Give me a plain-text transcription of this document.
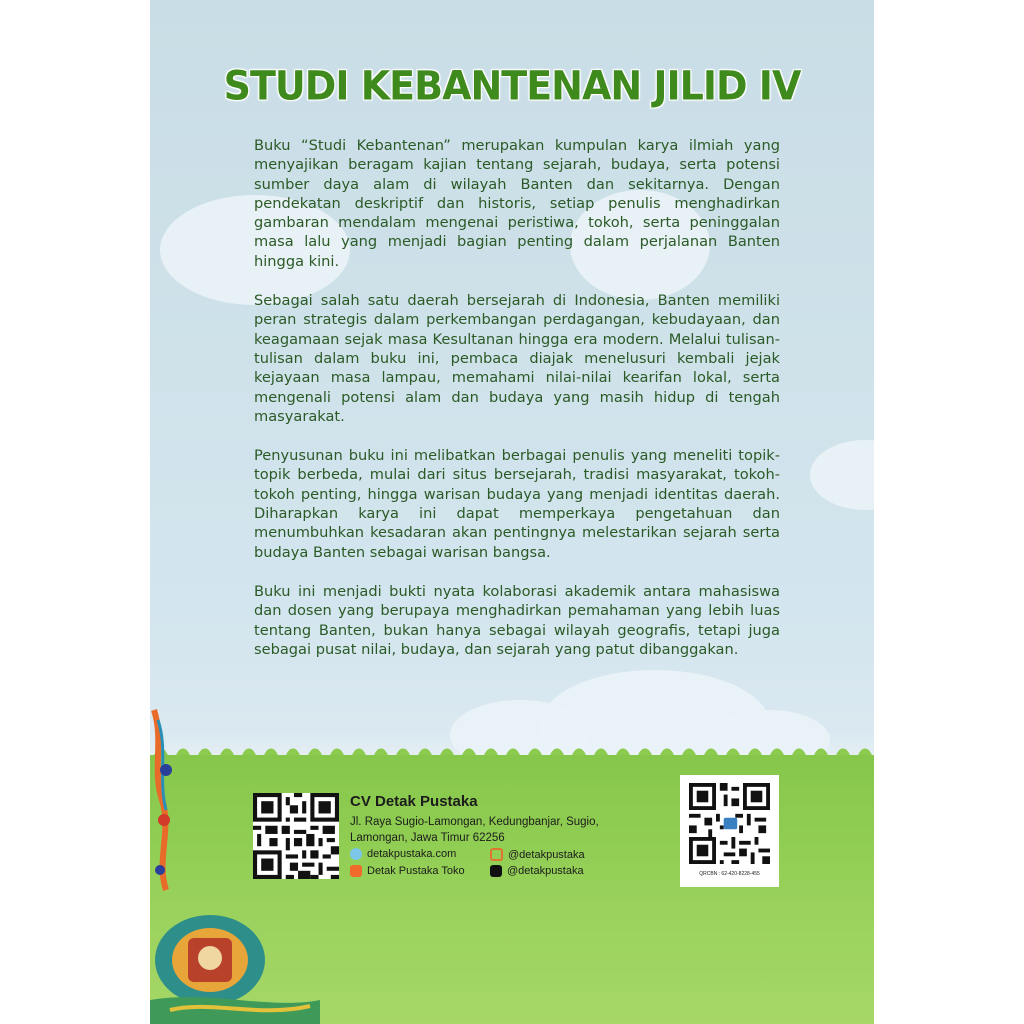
STUDI KEBANTENAN JILID IV

Buku “Studi Kebantenan” merupakan kumpulan karya ilmiah yang menyajikan beragam kajian tentang sejarah, budaya, serta potensi sumber daya alam di wilayah Banten dan sekitarnya. Dengan pendekatan deskriptif dan historis, setiap penulis menghadirkan gambaran mendalam mengenai peristiwa, tokoh, serta peninggalan masa lalu yang menjadi bagian penting dalam perjalanan Banten hingga kini.

Sebagai salah satu daerah bersejarah di Indonesia, Banten memiliki peran strategis dalam perkembangan perdagangan, kebudayaan, dan keagamaan sejak masa Kesultanan hingga era modern. Melalui tulisan-tulisan dalam buku ini, pembaca diajak menelusuri kembali jejak kejayaan masa lampau, memahami nilai-nilai kearifan lokal, serta mengenali potensi alam dan budaya yang masih hidup di tengah masyarakat.

Penyusunan buku ini melibatkan berbagai penulis yang meneliti topik-topik berbeda, mulai dari situs bersejarah, tradisi masyarakat, tokoh-tokoh penting, hingga warisan budaya yang menjadi identitas daerah. Diharapkan karya ini dapat memperkaya pengetahuan dan menumbuhkan kesadaran akan pentingnya melestarikan sejarah serta budaya Banten sebagai warisan bangsa.

Buku ini menjadi bukti nyata kolaborasi akademik antara mahasiswa dan dosen yang berupaya menghadirkan pemahaman yang lebih luas tentang Banten, bukan hanya sebagai wilayah geografis, tetapi juga sebagai pusat nilai, budaya, dan sejarah yang patut dibanggakan.

CV Detak Pustaka
Jl. Raya Sugio-Lamongan, Kedungbanjar, Sugio, Lamongan, Jawa Timur 62256
detakpustaka.com
Detak Pustaka Toko
@detakpustaka
@detakpustaka	QRCBN : 62-420-8228-455
